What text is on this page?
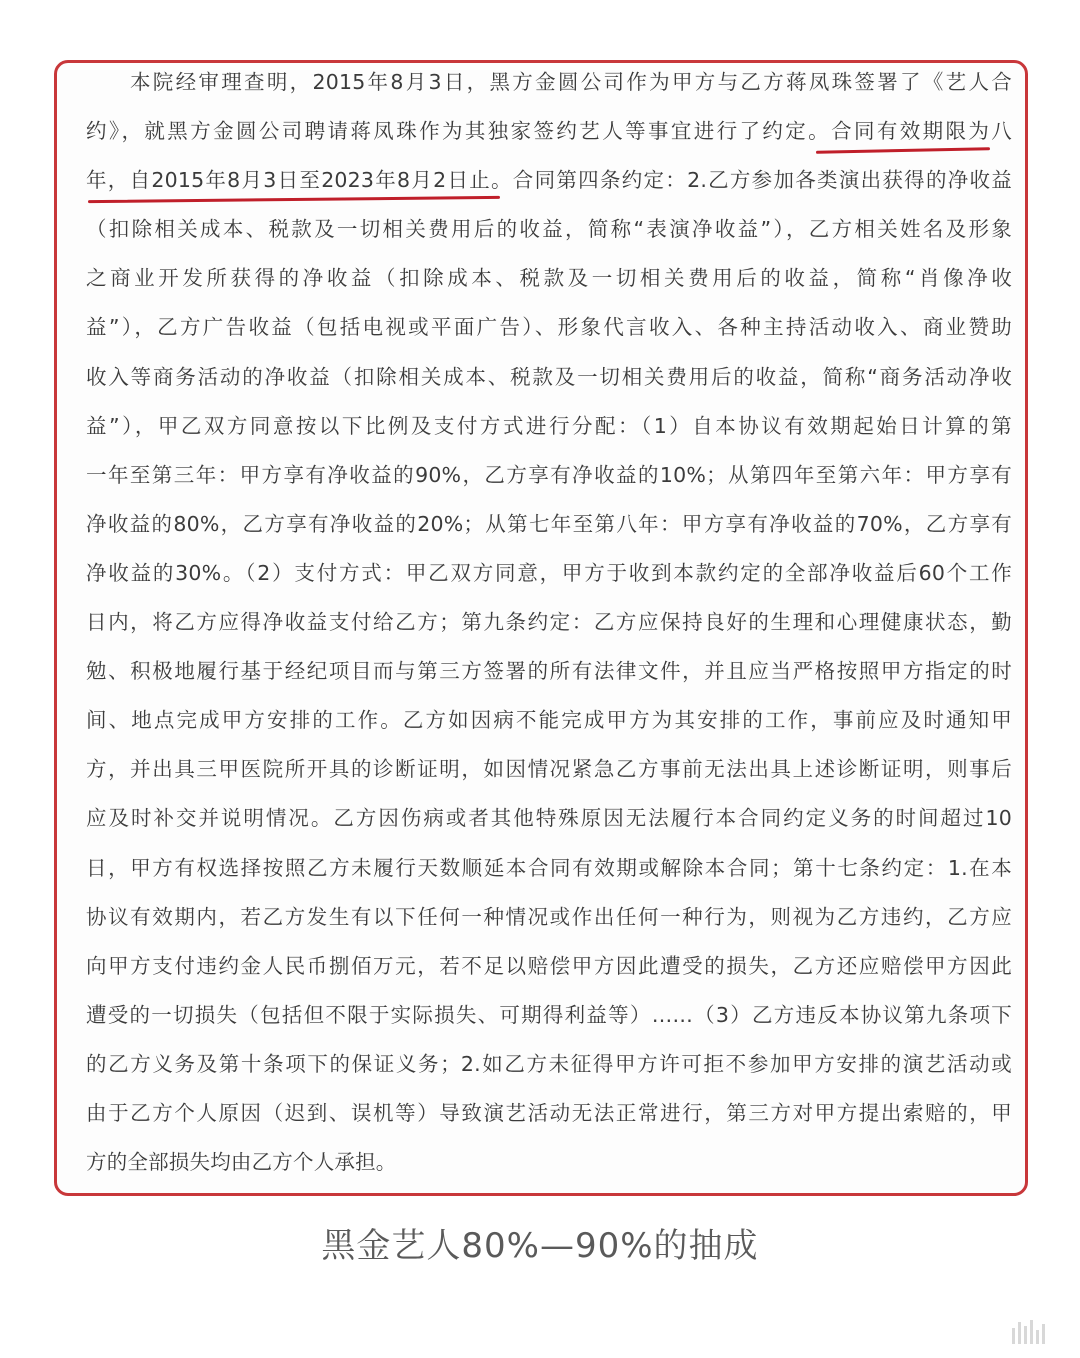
本院经审理查明，2015年8月3日，黑方金圆公司作为甲方与乙方蒋凤珠签署了《艺人合
约》，就黑方金圆公司聘请蒋凤珠作为其独家签约艺人等事宜进行了约定。合同有效期限为八
年，自2015年8月3日至2023年8月2日止。合同第四条约定：2.乙方参加各类演出获得的净收益
（扣除相关成本、税款及一切相关费用后的收益，简称“表演净收益”），乙方相关姓名及形象
之商业开发所获得的净收益（扣除成本、税款及一切相关费用后的收益，简称“肖像净收
益”），乙方广告收益（包括电视或平面广告）、形象代言收入、各种主持活动收入、商业赞助
收入等商务活动的净收益（扣除相关成本、税款及一切相关费用后的收益，简称“商务活动净收
益”），甲乙双方同意按以下比例及支付方式进行分配：（1）自本协议有效期起始日计算的第
一年至第三年：甲方享有净收益的90%，乙方享有净收益的10%；从第四年至第六年：甲方享有
净收益的80%，乙方享有净收益的20%；从第七年至第八年：甲方享有净收益的70%，乙方享有
净收益的30%。（2）支付方式：甲乙双方同意，甲方于收到本款约定的全部净收益后60个工作
日内，将乙方应得净收益支付给乙方；第九条约定：乙方应保持良好的生理和心理健康状态，勤
勉、积极地履行基于经纪项目而与第三方签署的所有法律文件，并且应当严格按照甲方指定的时
间、地点完成甲方安排的工作。乙方如因病不能完成甲方为其安排的工作，事前应及时通知甲
方，并出具三甲医院所开具的诊断证明，如因情况紧急乙方事前无法出具上述诊断证明，则事后
应及时补交并说明情况。乙方因伤病或者其他特殊原因无法履行本合同约定义务的时间超过10
日，甲方有权选择按照乙方未履行天数顺延本合同有效期或解除本合同；第十七条约定：1.在本
协议有效期内，若乙方发生有以下任何一种情况或作出任何一种行为，则视为乙方违约，乙方应
向甲方支付违约金人民币捌佰万元，若不足以赔偿甲方因此遭受的损失，乙方还应赔偿甲方因此
遭受的一切损失（包括但不限于实际损失、可期得利益等）……（3）乙方违反本协议第九条项下
的乙方义务及第十条项下的保证义务；2.如乙方未征得甲方许可拒不参加甲方安排的演艺活动或
由于乙方个人原因（迟到、误机等）导致演艺活动无法正常进行，第三方对甲方提出索赔的，甲
方的全部损失均由乙方个人承担。
黑金艺人80%—90%的抽成
